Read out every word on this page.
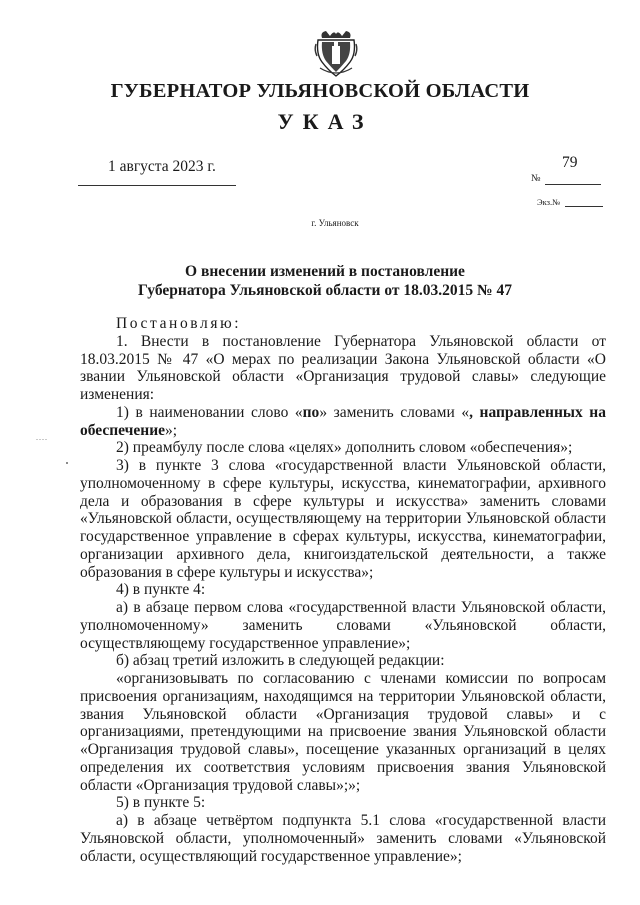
ГУБЕРНАТОР УЛЬЯНОВСКОЙ ОБЛАСТИ
УКАЗ
1 августа 2023 г.	79
№
Экз.№
г. Ульяновск
О внесении изменений в постановление
Губернатора Ульяновской области от 18.03.2015 № 47
....

Постановляю:

1. Внести в постановление Губернатора Ульяновской области от 18.03.2015 № 47 «О мерах по реализации Закона Ульяновской области «О звании Ульяновской области «Организация трудовой славы» следующие изменения:

1) в наименовании слово «по» заменить словами «, направленных на обеспечение»;

2) преамбулу после слова «целях» дополнить словом «обеспечения»;

3) в пункте 3 слова «государственной власти Ульяновской области, уполномоченному в сфере культуры, искусства, кинематографии, архивного дела и образования в сфере культуры и искусства» заменить словами «Ульяновской области, осуществляющему на территории Ульяновской области государственное управление в сферах культуры, искусства, кинематографии, организации архивного дела, книгоиздательской деятельности, а также образования в сфере культуры и искусства»;

4) в пункте 4:

а) в абзаце первом слова «государственной власти Ульяновской области, уполномоченному» заменить словами «Ульяновской области, осуществляющему государственное управление»;

б) абзац третий изложить в следующей редакции:

«организовывать по согласованию с членами комиссии по вопросам присвоения организациям, находящимся на территории Ульяновской области, звания Ульяновской области «Организация трудовой славы» и с организациями, претендующими на присвоение звания Ульяновской области «Организация трудовой славы», посещение указанных организаций в целях определения их соответствия условиям присвоения звания Ульяновской области «Организация трудовой славы»;»;

5) в пункте 5:

а) в абзаце четвёртом подпункта 5.1 слова «государственной власти Ульяновской области, уполномоченный» заменить словами «Ульяновской области, осуществляющий государственное управление»;
